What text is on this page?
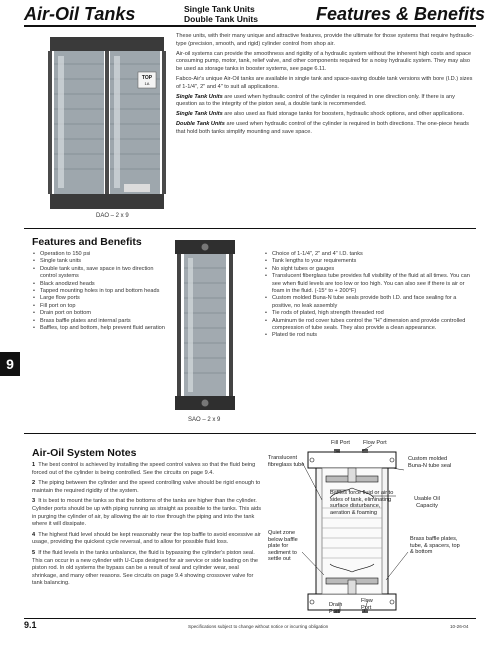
Air-Oil Tanks	Single Tank Units
Double Tank Units	Features & Benefits
TOP
1A
DAO – 2 x 9

These units, with their many unique and attractive features, provide the ultimate for those systems that require hydraulic-type (precision, smooth, and rigid) cylinder control from shop air.

Air-oil systems can provide the smoothness and rigidity of a hydraulic system without the inherent high costs and space consuming pump, motor, tank, relief valve, and other components required for a noisy hydraulic system. They may also be used as storage tanks in booster systems, see page 6.11.

Fabco-Air's unique Air-Oil tanks are available in single tank and space-saving double tank versions with bore (I.D.) sizes of 1-1/4", 2" and 4" to suit all applications.

Single Tank Units are used when hydraulic control of the cylinder is required in one direction only. If there is any question as to the integrity of the piston seal, a double tank is recommended.

Single Tank Units are also used as fluid storage tanks for boosters, hydraulic shock options, and other applications.

Double Tank Units are used when hydraulic control of the cylinder is required in both directions. The one-piece heads that hold both tanks simplify mounting and save space.

Features and Benefits
• Operation to 150 psi
• Single tank units
• Double tank units, save space in two direction control systems
• Black anodized heads
• Tapped mounting holes in top and bottom heads
• Large flow ports
• Fill port on top
• Drain port on bottom
• Brass baffle plates and internal parts
• Baffles, top and bottom, help prevent fluid aeration
SAO – 2 x 9
• Choice of 1-1/4", 2" and 4" I.D. tanks
• Tank lengths to your requirements
• No sight tubes or gauges
• Translucent fiberglass tube provides full visibility of the fluid at all times. You can see when fluid levels are too low or too high. You can also see if there is air or foam in the fluid. (-15° to + 200°F)
• Custom molded Buna-N tube seals provide both I.D. and face sealing for a positive, no leak assembly
• Tie rods of plated, high strength threaded rod
• Aluminum tie rod cover tubes control the "H" dimension and provide controlled compression of tube seals. They also provide a clean appearance.
• Plated tie rod nuts
9
Air-Oil System Notes

1 The best control is achieved by installing the speed control valves so that the fluid being forced out of the cylinder is being controlled. See the circuits on page 9.4.

2 The piping between the cylinder and the speed controlling valve should be rigid enough to maintain the required rigidity of the system.

3 It is best to mount the tanks so that the bottoms of the tanks are higher than the cylinder. Cylinder ports should be up with piping running as straight as possible to the tanks. This aids in purging the cylinder of air, by allowing the air to rise through the piping and into the tank where it will dissipate.

4 The highest fluid level should be kept reasonably near the top baffle to avoid excessive air usage, providing the quickest cycle reversal, and to allow for possible fluid loss.

5 If the fluid levels in the tanks unbalance, the fluid is bypassing the cylinder's piston seal. This can occur in a new cylinder with U-Cups designed for air service or side loading on the piston rod. In old systems the bypass can be a result of seal and cylinder wear, seal shrinkage, and many other reasons. See circuits on page 9.4 showing crossover valve for tank balancing.

Fill Port	Flow Port
Translucent fibreglass tube
Custom molded Buna-N tube seal
Baffles force fluid or air to sides of tank, eliminating surface disturbance, aeration & foaming
Usable Oil Capacity
Quiet zone below baffle plate for sediment to settle out
Brass baffle plates, tube, & spacers, top & bottom
Drain Port
Flow Port
9.1	Specifications subject to change without notice or incurring obligation	10-26-04
